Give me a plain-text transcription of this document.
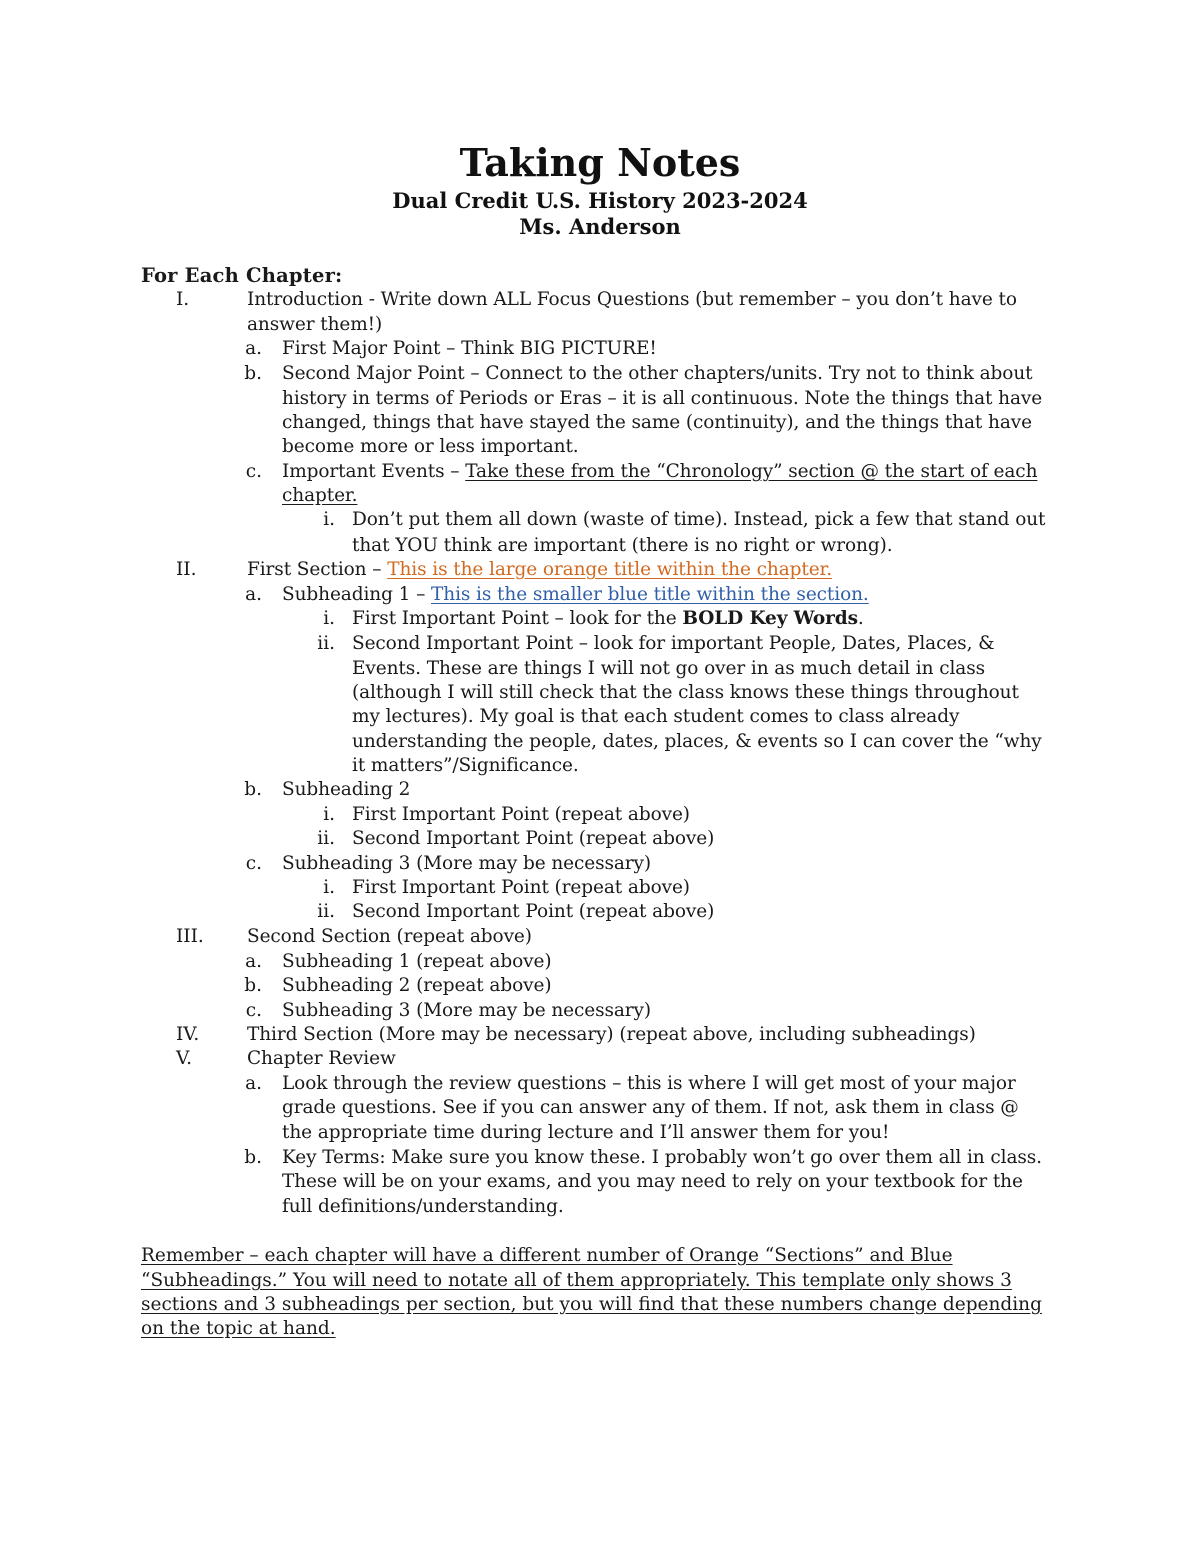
Taking Notes
Dual Credit U.S. History 2023-2024
Ms. Anderson
For Each Chapter:
I.	Introduction - Write down ALL Focus Questions (but remember – you don’t have to
answer them!)
a. First Major Point – Think BIG PICTURE!
b. Second Major Point – Connect to the other chapters/units. Try not to think about
history in terms of Periods or Eras – it is all continuous. Note the things that have
changed, things that have stayed the same (continuity), and the things that have
become more or less important.
c. Important Events – Take these from the “Chronology” section @ the start of each
chapter.
i. Don’t put them all down (waste of time). Instead, pick a few that stand out
that YOU think are important (there is no right or wrong).
II.	First Section – This is the large orange title within the chapter.
a. Subheading 1 – This is the smaller blue title within the section.
i. First Important Point – look for the BOLD Key Words.
ii. Second Important Point – look for important People, Dates, Places, &
Events. These are things I will not go over in as much detail in class
(although I will still check that the class knows these things throughout
my lectures). My goal is that each student comes to class already
understanding the people, dates, places, & events so I can cover the “why
it matters”/Significance.
b. Subheading 2
i. First Important Point (repeat above)
ii. Second Important Point (repeat above)
c. Subheading 3 (More may be necessary)
i. First Important Point (repeat above)
ii. Second Important Point (repeat above)
III.	Second Section (repeat above)
a. Subheading 1 (repeat above)
b. Subheading 2 (repeat above)
c. Subheading 3 (More may be necessary)
IV.	Third Section (More may be necessary) (repeat above, including subheadings)
V.	Chapter Review
a. Look through the review questions – this is where I will get most of your major
grade questions. See if you can answer any of them. If not, ask them in class @
the appropriate time during lecture and I’ll answer them for you!
b. Key Terms: Make sure you know these. I probably won’t go over them all in class.
These will be on your exams, and you may need to rely on your textbook for the
full definitions/understanding.
Remember – each chapter will have a different number of Orange “Sections” and Blue
“Subheadings.” You will need to notate all of them appropriately. This template only shows 3
sections and 3 subheadings per section, but you will find that these numbers change depending
on the topic at hand.
